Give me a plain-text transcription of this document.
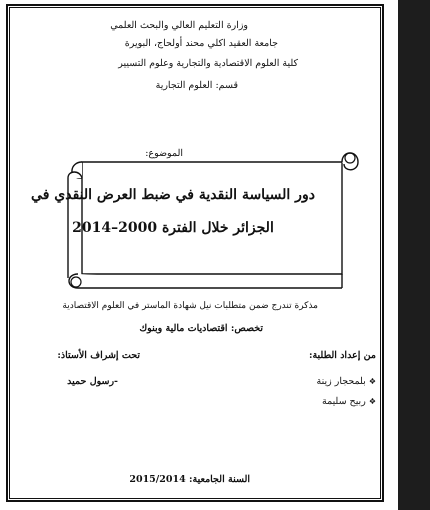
وزارة التعليم العالي والبحث العلمي
جامعة العقيد اكلي محند أولحاج، البويرة
كلية العلوم الاقتصادية والتجارية وعلوم التسيير
قسم: العلوم التجارية
الموضوع:
دور السياسة النقدية في ضبط العرض النقدي في
الجزائر خلال الفترة 2000–2014
مذكرة تندرج ضمن متطلبات نيل شهادة الماستر في العلوم الاقتصادية
تخصص: اقتصاديات مالية وبنوك
من إعداد الطلبة:
❖ بلمحجار زينة
❖ ربيح سليمة
تحت إشراف الأستاذ:
-رسول حميد
السنة الجامعية: 2015/2014
